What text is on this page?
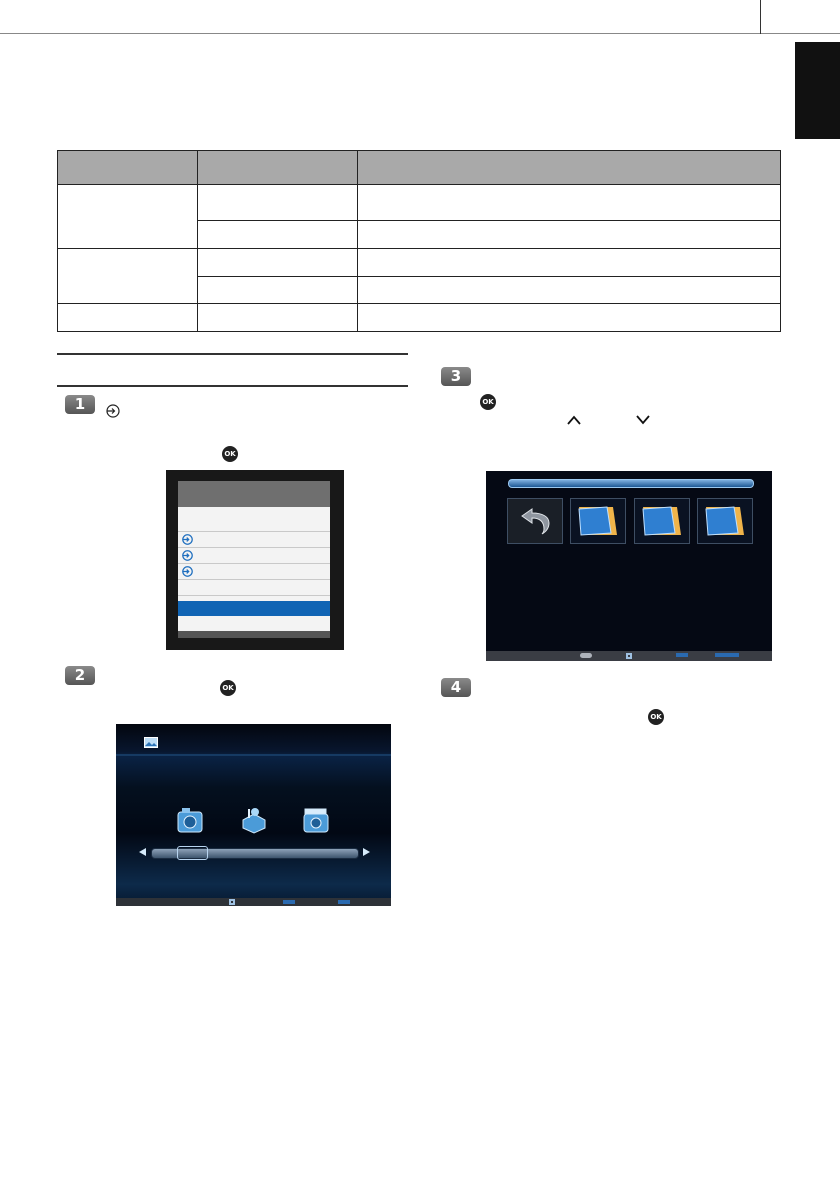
1
OK
2
OK
3
OK
4
OK
